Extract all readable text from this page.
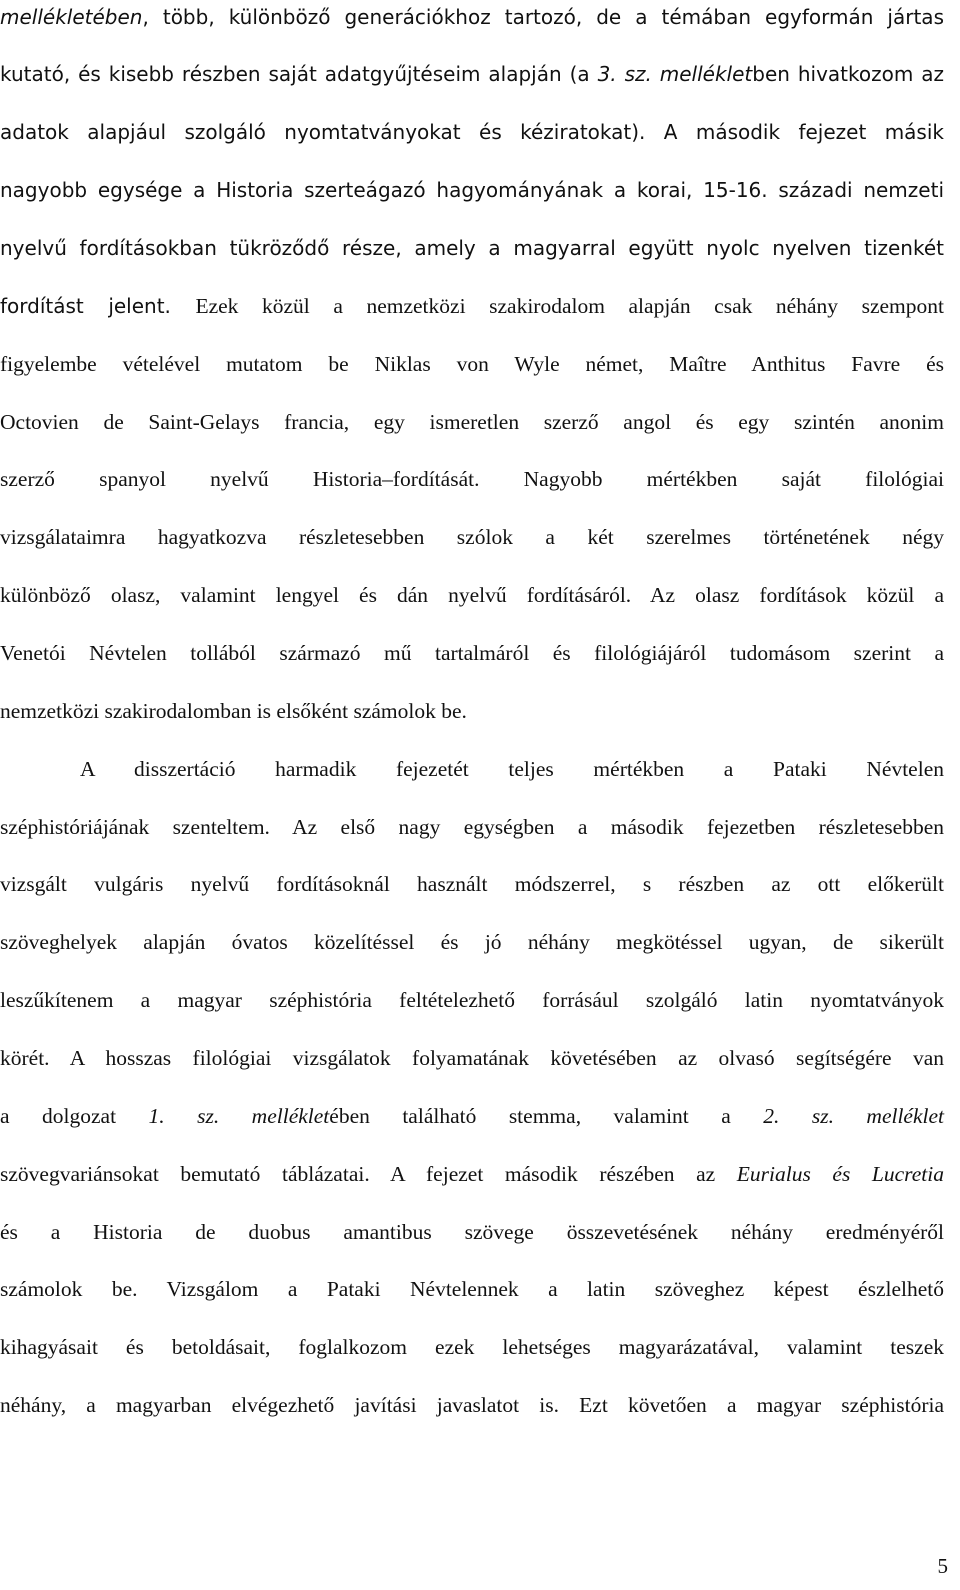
mellékletében, több, különböző generációkhoz tartozó, de a témában egyformán jártas
kutató, és kisebb részben saját adatgyűjtéseim alapján (a 3. sz. mellékletben hivatkozom az
adatok alapjául szolgáló nyomtatványokat és kéziratokat). A második fejezet másik
nagyobb egysége a Historia szerteágazó hagyományának a korai, 15-16. századi nemzeti
nyelvű fordításokban tükröződő része, amely a magyarral együtt nyolc nyelven tizenkét
fordítást jelent. Ezek közül a nemzetközi szakirodalom alapján csak néhány szempont
figyelembe vételével mutatom be Niklas von Wyle német, Maître Anthitus Favre és
Octovien de Saint-Gelays francia, egy ismeretlen szerző angol és egy szintén anonim
szerző spanyol nyelvű Historia–fordítását. Nagyobb mértékben saját filológiai
vizsgálataimra hagyatkozva részletesebben szólok a két szerelmes történetének négy
különböző olasz, valamint lengyel és dán nyelvű fordításáról. Az olasz fordítások közül a
Venetói Névtelen tollából származó mű tartalmáról és filológiájáról tudomásom szerint a
nemzetközi szakirodalomban is elsőként számolok be.
A disszertáció harmadik fejezetét teljes mértékben a Pataki Névtelen
széphistóriájának szenteltem. Az első nagy egységben a második fejezetben részletesebben
vizsgált vulgáris nyelvű fordításoknál használt módszerrel, s részben az ott előkerült
szöveghelyek alapján óvatos közelítéssel és jó néhány megkötéssel ugyan, de sikerült
leszűkítenem a magyar széphistória feltételezhető forrásául szolgáló latin nyomtatványok
körét. A hosszas filológiai vizsgálatok folyamatának követésében az olvasó segítségére van
a dolgozat 1. sz. mellékletében található stemma, valamint a 2. sz. melléklet
szövegvariánsokat bemutató táblázatai. A fejezet második részében az Eurialus és Lucretia
és a Historia de duobus amantibus szövege összevetésének néhány eredményéről
számolok be. Vizsgálom a Pataki Névtelennek a latin szöveghez képest észlelhető
kihagyásait és betoldásait, foglalkozom ezek lehetséges magyarázatával, valamint teszek
néhány, a magyarban elvégezhető javítási javaslatot is. Ezt követően a magyar széphistória
5
